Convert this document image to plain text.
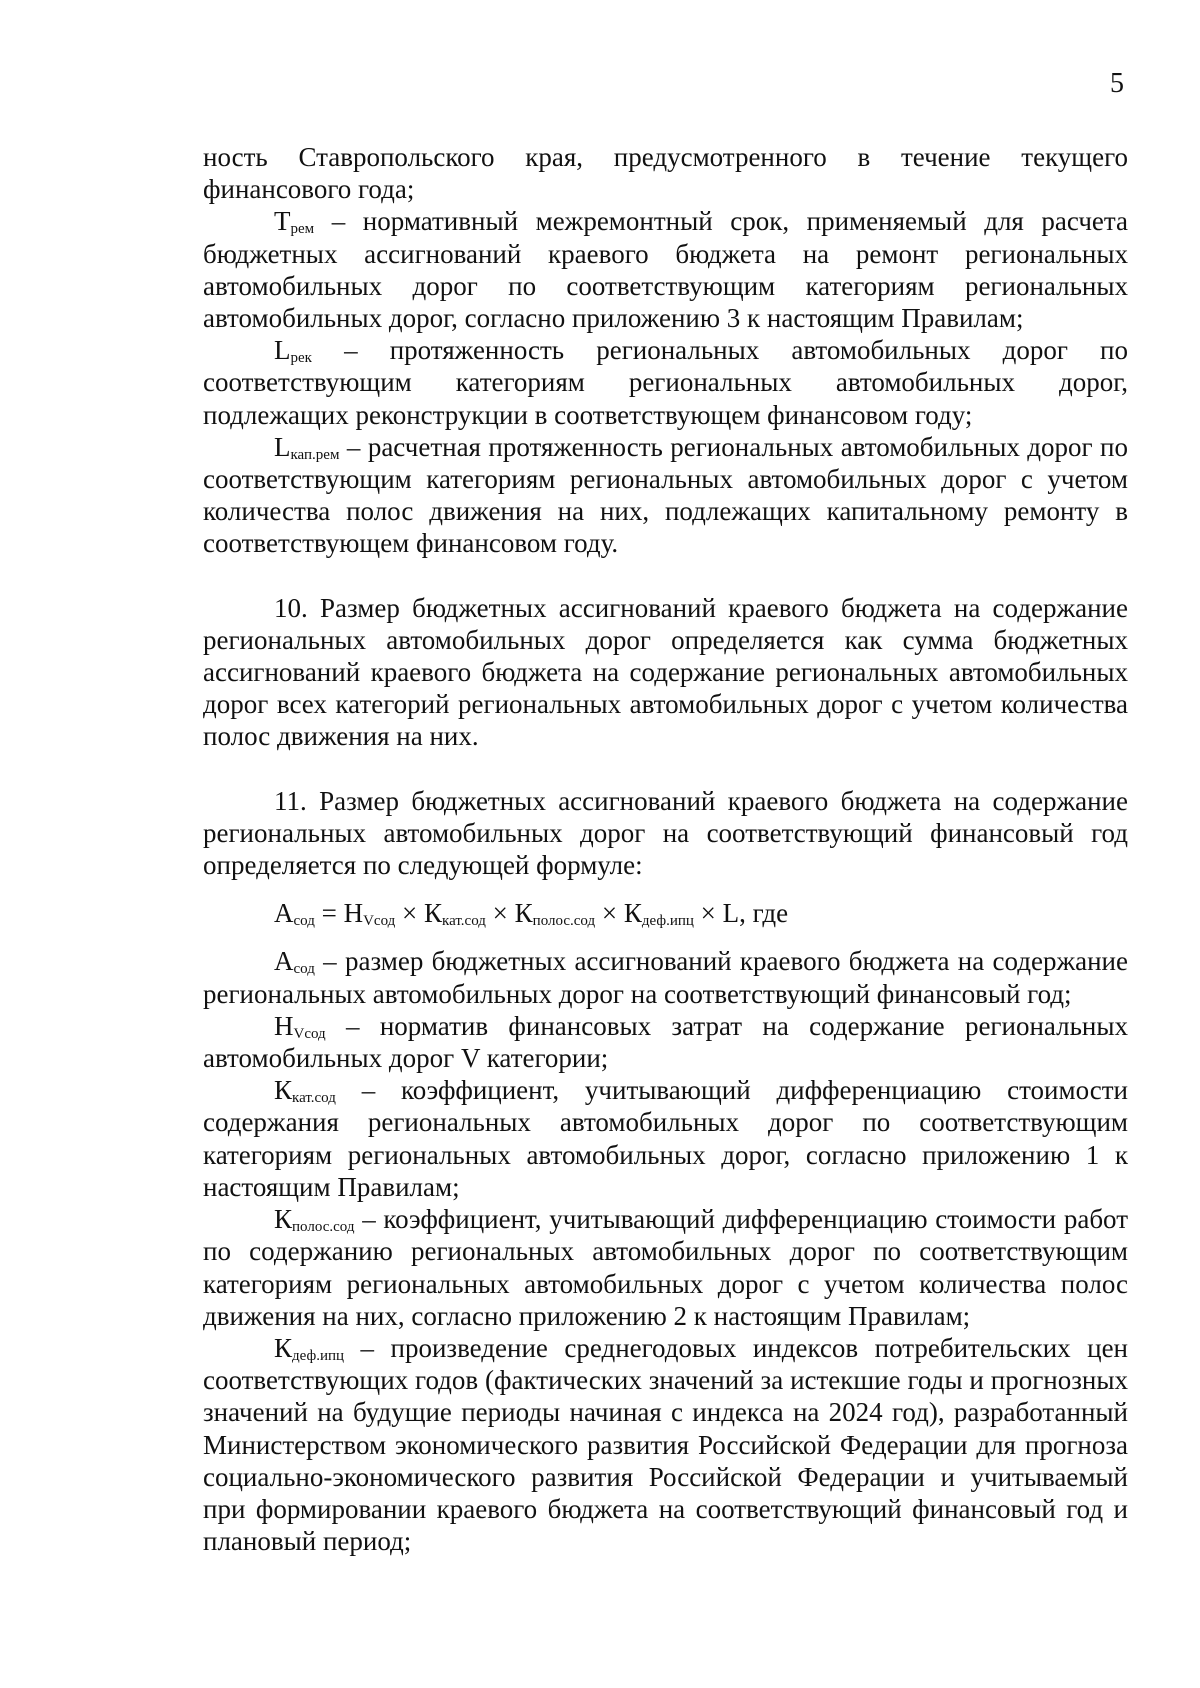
5

ность Ставропольского края, предусмотренного в течение текущего финансового года;

$T_{рем}$ – нормативный межремонтный срок, применяемый для расчета бюджетных ассигнований краевого бюджета на ремонт региональных автомобильных дорог по соответствующим категориям региональных автомобильных дорог, согласно приложению 3 к настоящим Правилам;

$L_{рек}$ – протяженность региональных автомобильных дорог по соответствующим категориям региональных автомобильных дорог, подлежащих реконструкции в соответствующем финансовом году;

$L_{кап.рем}$ – расчетная протяженность региональных автомобильных дорог по соответствующим категориям региональных автомобильных дорог с учетом количества полос движения на них, подлежащих капитальному ремонту в соответствующем финансовом году.

10. Размер бюджетных ассигнований краевого бюджета на содержание региональных автомобильных дорог определяется как сумма бюджетных ассигнований краевого бюджета на содержание региональных автомобильных дорог всех категорий региональных автомобильных дорог с учетом количества полос движения на них.

11. Размер бюджетных ассигнований краевого бюджета на содержание региональных автомобильных дорог на соответствующий финансовый год определяется по следующей формуле:

$А_{сод} = Н_{Vсод} \times К_{кат.сод} \times К_{полос.сод} \times К_{деф.ипц} \times L$, где

$А_{сод}$ – размер бюджетных ассигнований краевого бюджета на содержание региональных автомобильных дорог на соответствующий финансовый год;

$Н_{Vсод}$ – норматив финансовых затрат на содержание региональных автомобильных дорог V категории;

$К_{кат.сод}$ – коэффициент, учитывающий дифференциацию стоимости содержания региональных автомобильных дорог по соответствующим категориям региональных автомобильных дорог, согласно приложению 1 к настоящим Правилам;

$К_{полос.сод}$ – коэффициент, учитывающий дифференциацию стоимости работ по содержанию региональных автомобильных дорог по соответствующим категориям региональных автомобильных дорог с учетом количества полос движения на них, согласно приложению 2 к настоящим Правилам;

$К_{деф.ипц}$ – произведение среднегодовых индексов потребительских цен соответствующих годов (фактических значений за истекшие годы и прогнозных значений на будущие периоды начиная с индекса на 2024 год), разработанный Министерством экономического развития Российской Федерации для прогноза социально-экономического развития Российской Федерации и учитываемый при формировании краевого бюджета на соответствующий финансовый год и плановый период;
